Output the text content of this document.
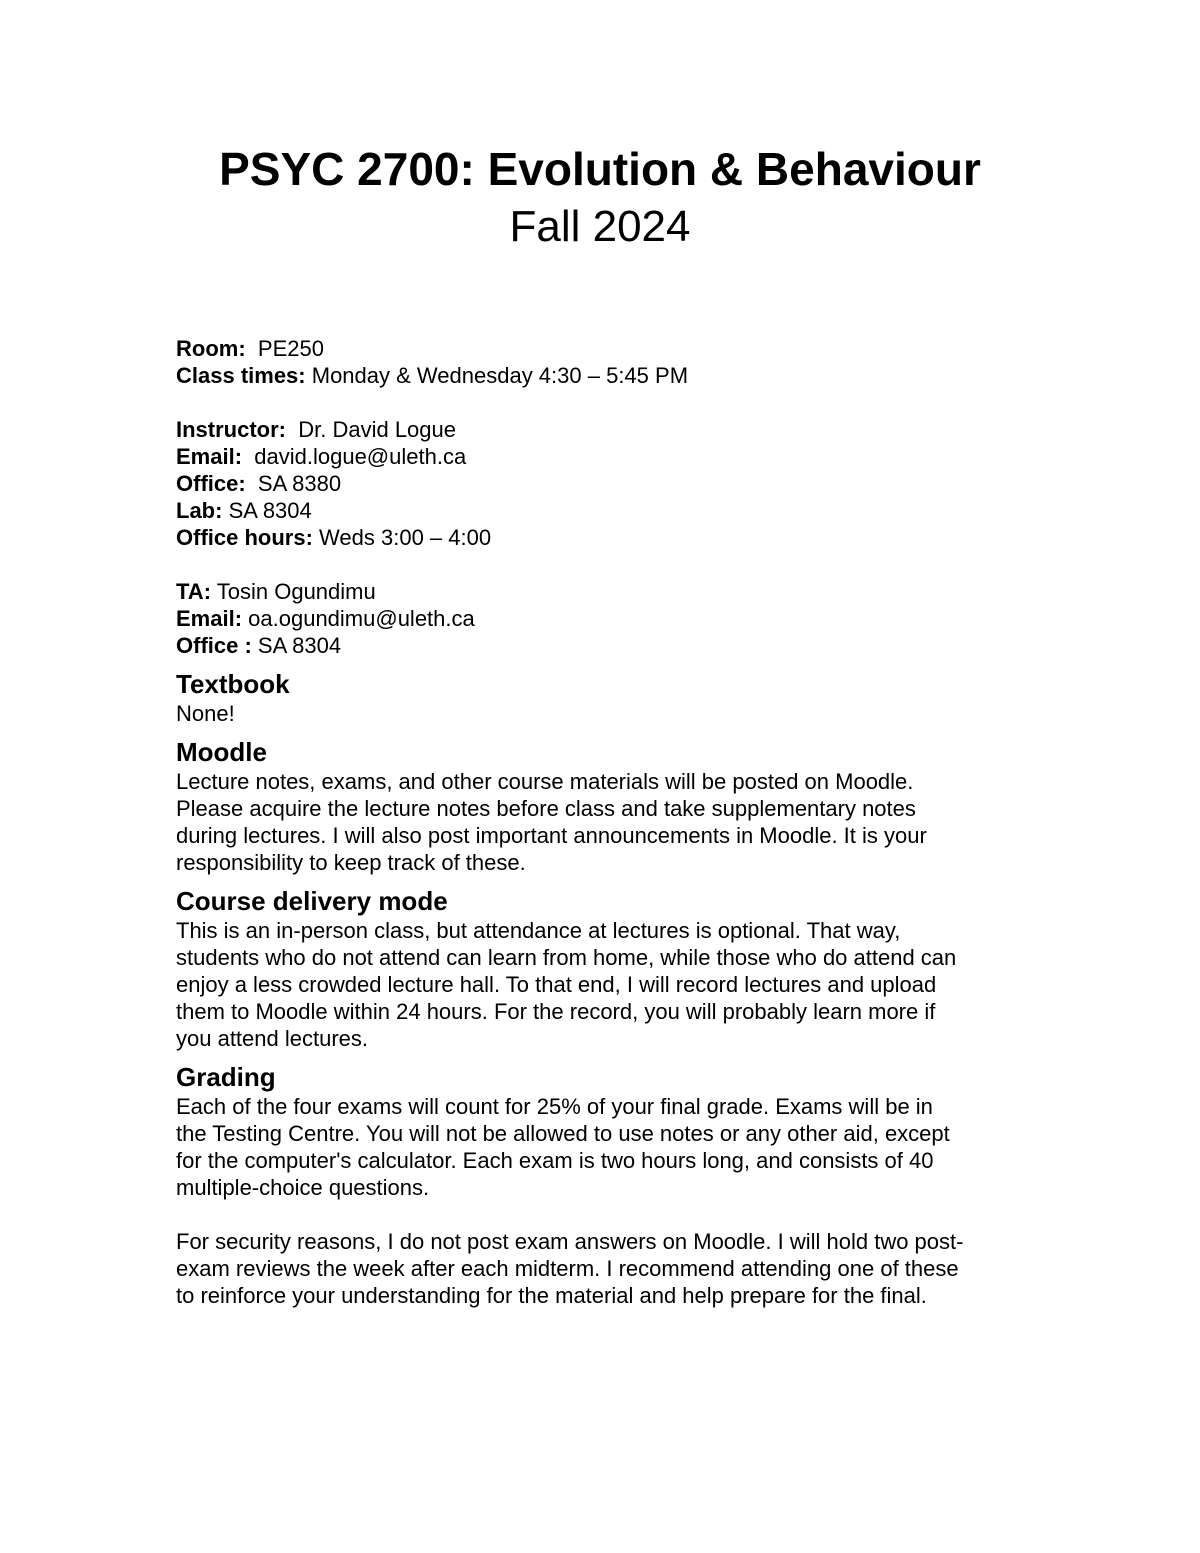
PSYC 2700: Evolution & Behaviour

Fall 2024

Room: PE250

Class times: Monday & Wednesday 4:30 – 5:45 PM

Instructor: Dr. David Logue

Email: david.logue@uleth.ca

Office: SA 8380

Lab: SA 8304

Office hours: Weds 3:00 – 4:00

TA: Tosin Ogundimu

Email: oa.ogundimu@uleth.ca

Office : SA 8304

Textbook

None!

Moodle

Lecture notes, exams, and other course materials will be posted on Moodle.
Please acquire the lecture notes before class and take supplementary notes
during lectures. I will also post important announcements in Moodle. It is your
responsibility to keep track of these.

Course delivery mode

This is an in-person class, but attendance at lectures is optional. That way,
students who do not attend can learn from home, while those who do attend can
enjoy a less crowded lecture hall. To that end, I will record lectures and upload
them to Moodle within 24 hours. For the record, you will probably learn more if
you attend lectures.

Grading

Each of the four exams will count for 25% of your final grade. Exams will be in
the Testing Centre. You will not be allowed to use notes or any other aid, except
for the computer's calculator. Each exam is two hours long, and consists of 40
multiple-choice questions.

For security reasons, I do not post exam answers on Moodle. I will hold two post-
exam reviews the week after each midterm. I recommend attending one of these
to reinforce your understanding for the material and help prepare for the final.
